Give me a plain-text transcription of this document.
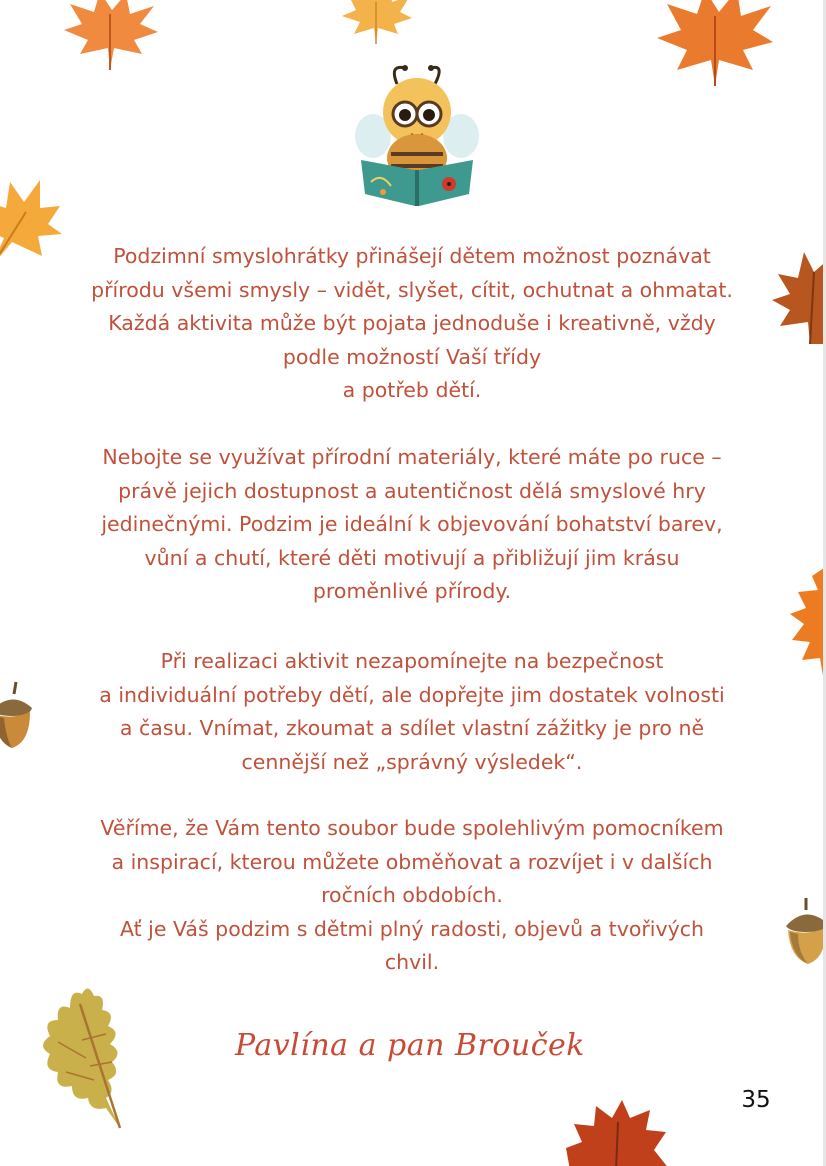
Podzimní smyslohrátky přinášejí dětem možnost poznávat
přírodu všemi smysly – vidět, slyšet, cítit, ochutnat a ohmatat.
Každá aktivita může být pojata jednoduše i kreativně, vždy
podle možností Vaší třídy
a potřeb dětí.
Nebojte se využívat přírodní materiály, které máte po ruce –
právě jejich dostupnost a autentičnost dělá smyslové hry
jedinečnými. Podzim je ideální k objevování bohatství barev,
vůní a chutí, které děti motivují a přibližují jim krásu
proměnlivé přírody.
Při realizaci aktivit nezapomínejte na bezpečnost
a individuální potřeby dětí, ale dopřejte jim dostatek volnosti
a času. Vnímat, zkoumat a sdílet vlastní zážitky je pro ně
cennější než „správný výsledek“.
Věříme, že Vám tento soubor bude spolehlivým pomocníkem
a inspirací, kterou můžete obměňovat a rozvíjet i v dalších
ročních obdobích.
Ať je Váš podzim s dětmi plný radosti, objevů a tvořivých
chvil.
Pavlína a pan Brouček
35
